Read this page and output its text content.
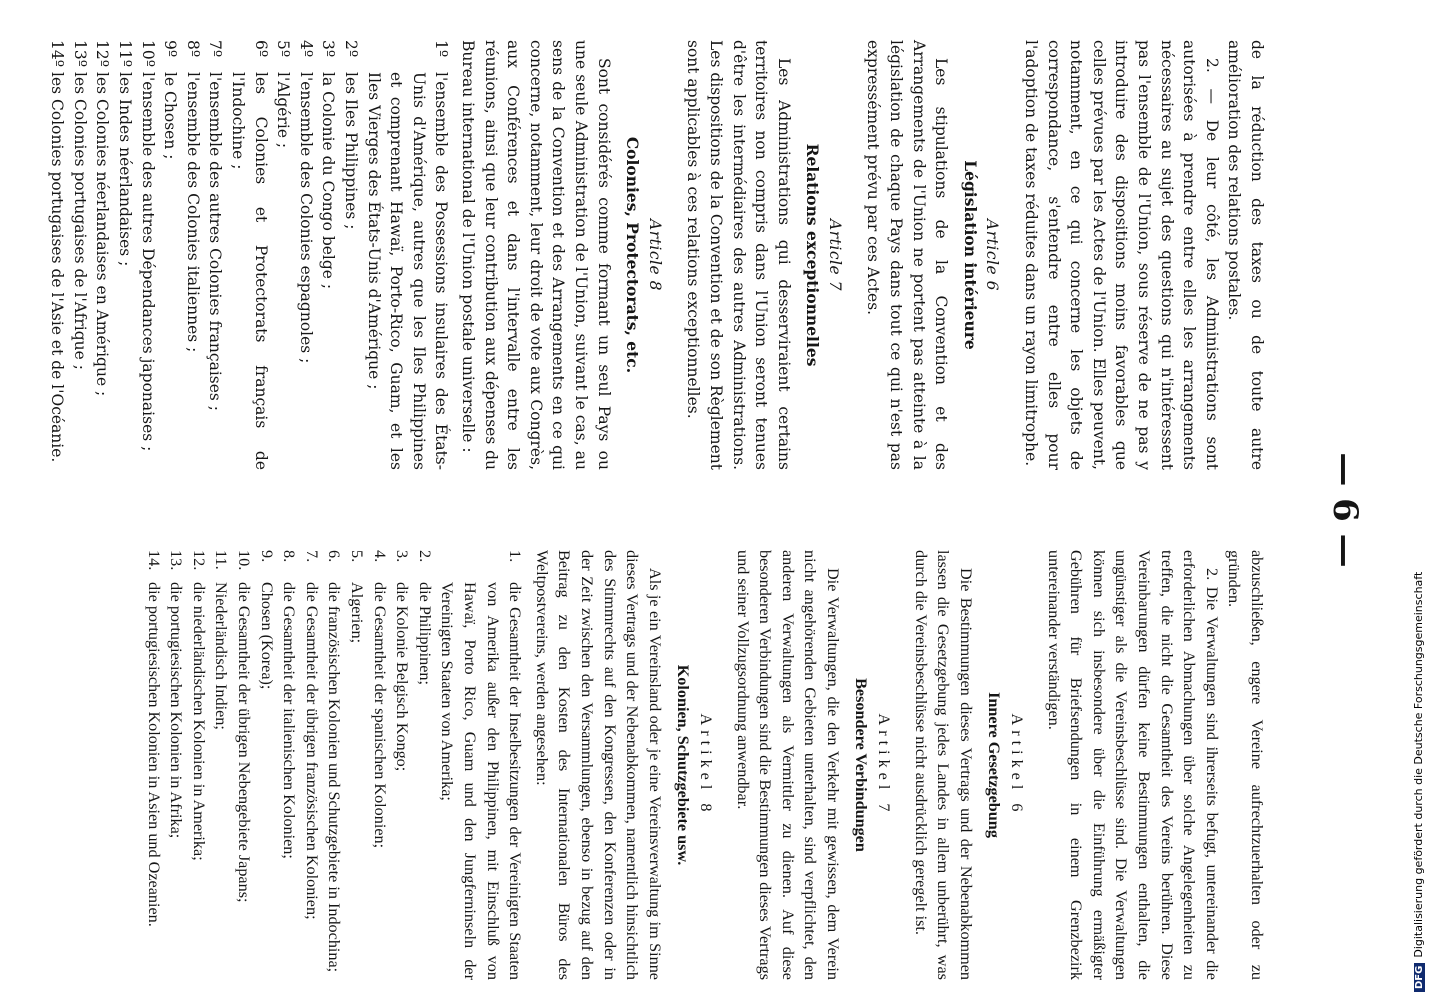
— 6 —

de la réduction des taxes ou de toute autre amélioration des relations postales.

2. — De leur côté, les Administrations sont autorisées à prendre entre elles les arrangements nécessaires au sujet des questions qui n'intéressent pas l'ensemble de l'Union, sous réserve de ne pas y introduire des dispositions moins favorables que celles prévues par les Actes de l'Union. Elles peuvent, notamment, en ce qui concerne les objets de correspondance, s'entendre entre elles pour l'adoption de taxes réduites dans un rayon limitrophe.

Article 6

Législation intérieure

Les stipulations de la Convention et des Arrangements de l'Union ne portent pas atteinte à la législation de chaque Pays dans tout ce qui n'est pas expressément prévu par ces Actes.

Article 7

Relations exceptionnelles

Les Administrations qui desserviraient certains territoires non compris dans l'Union seront tenues d'être les intermédiaires des autres Administrations. Les dispositions de la Convention et de son Règlement sont applicables à ces relations exceptionnelles.

Article 8

Colonies, Protectorats, etc.

Sont considérés comme formant un seul Pays ou une seule Administration de l'Union, suivant le cas, au sens de la Convention et des Arrangements en ce qui concerne, notamment, leur droit de vote aux Congrès, aux Conférences et dans l'intervalle entre les réunions, ainsi que leur contribution aux dépenses du Bureau international de l'Union postale universelle :

1º
l'ensemble des Possessions insulaires des États-Unis d'Amérique, autres que les Iles Philippines et comprenant Hawaï, Porto-Rico, Guam, et les Iles Vierges des États-Unis d'Amérique ;
2º
les Iles Philippines ;
3º
la Colonie du Congo belge ;
4º
l'ensemble des Colonies espagnoles ;
5º
l'Algérie ;
6º
les Colonies et Protectorats français de l'Indochine ;
7º
l'ensemble des autres Colonies françaises ;
8º
l'ensemble des Colonies italiennes ;
9º
le Chosen ;
10º
l'ensemble des autres Dépendances japonaises ;
11º
les Indes néerlandaises ;
12º
les Colonies néerlandaises en Amérique ;
13º
les Colonies portugaises de l'Afrique ;
14º
les Colonies portugaises de l'Asie et de l'Océanie.

abzuschließen, engere Vereine aufrechtzuerhalten oder zu gründen.

2. Die Verwaltungen sind ihrerseits befugt, untereinander die erforderlichen Abmachungen über solche Angelegenheiten zu treffen, die nicht die Gesamtheit des Vereins berühren. Diese Vereinbarungen dürfen keine Bestimmungen enthalten, die ungünstiger als die Vereinsbeschlüsse sind. Die Verwaltungen können sich insbesondere über die Einführung ermäßigter Gebühren für Briefsendungen in einem Grenzbezirk untereinander verständigen.

Artikel 6

Innere Gesetzgebung

Die Bestimmungen dieses Vertrags und der Nebenabkommen lassen die Gesetzgebung jedes Landes in allem unberührt, was durch die Vereinsbeschlüsse nicht ausdrücklich geregelt ist.

Artikel 7

Besondere Verbindungen

Die Verwaltungen, die den Verkehr mit gewissen, dem Verein nicht angehörenden Gebieten unterhalten, sind verpflichtet, den anderen Verwaltungen als Vermittler zu dienen. Auf diese besonderen Verbindungen sind die Bestimmungen dieses Vertrags und seiner Vollzugsordnung anwendbar.

Artikel 8

Kolonien, Schutzgebiete usw.

Als je ein Vereinsland oder je eine Vereinsverwaltung im Sinne dieses Vertrags und der Nebenabkommen, namentlich hinsichtlich des Stimmrechts auf den Kongressen, den Konferenzen oder in der Zeit zwischen den Versammlungen, ebenso in bezug auf den Beitrag zu den Kosten des Internationalen Büros des Weltpostvereins, werden angesehen:

1.
die Gesamtheit der Inselbesitzungen der Vereinigten Staaten von Amerika außer den Philippinen, mit Einschluß von Hawaï, Porto Rico, Guam und den Jungferninseln der Vereinigten Staaten von Amerika;
2.
die Philippinen;
3.
die Kolonie Belgisch Kongo;
4.
die Gesamtheit der spanischen Kolonien;
5.
Algerien;
6.
die französischen Kolonien und Schutzgebiete in Indochina;
7.
die Gesamtheit der übrigen französischen Kolonien;
8.
die Gesamtheit der italienischen Kolonien;
9.
Chosen (Korea);
10.
die Gesamtheit der übrigen Nebengebiete Japans;
11.
Niederländisch Indien;
12.
die niederländischen Kolonien in Amerika;
13.
die portugiesischen Kolonien in Afrika;
14.
die portugiesischen Kolonien in Asien und Ozeanien.
DFGDigitalisierung gefördert durch die Deutsche Forschungsgemeinschaft
